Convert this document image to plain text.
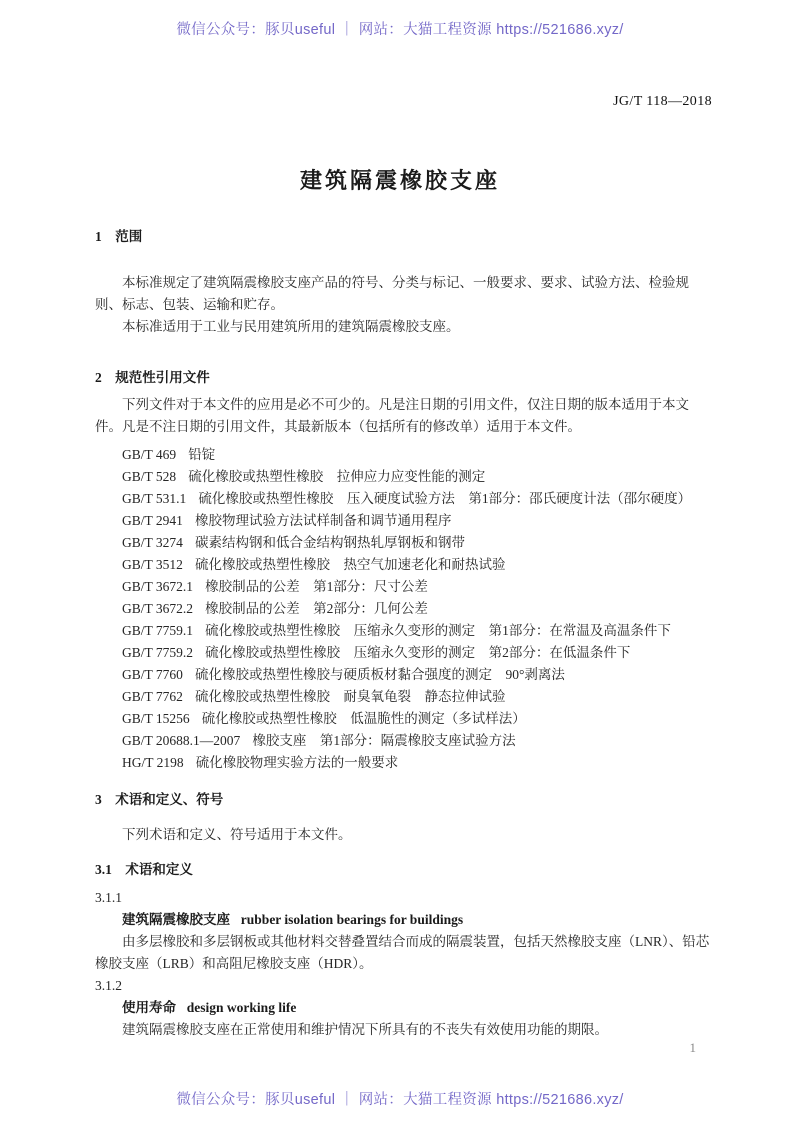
微信公众号：豚贝useful ｜ 网站：大猫工程资源 https://521686.xyz/
JG/T 118—2018
建筑隔震橡胶支座
1　范围

本标准规定了建筑隔震橡胶支座产品的符号、分类与标记、一般要求、要求、试验方法、检验规则、标志、包装、运输和贮存。

本标准适用于工业与民用建筑所用的建筑隔震橡胶支座。

2　规范性引用文件

下列文件对于本文件的应用是必不可少的。凡是注日期的引用文件，仅注日期的版本适用于本文件。凡是不注日期的引用文件，其最新版本（包括所有的修改单）适用于本文件。

GB/T 469 铅锭
GB/T 528 硫化橡胶或热塑性橡胶　拉伸应力应变性能的测定
GB/T 531.1 硫化橡胶或热塑性橡胶　压入硬度试验方法　第1部分：邵氏硬度计法（邵尔硬度）
GB/T 2941 橡胶物理试验方法试样制备和调节通用程序
GB/T 3274 碳素结构钢和低合金结构钢热轧厚钢板和钢带
GB/T 3512 硫化橡胶或热塑性橡胶　热空气加速老化和耐热试验
GB/T 3672.1 橡胶制品的公差　第1部分：尺寸公差
GB/T 3672.2 橡胶制品的公差　第2部分：几何公差
GB/T 7759.1 硫化橡胶或热塑性橡胶　压缩永久变形的测定　第1部分：在常温及高温条件下
GB/T 7759.2 硫化橡胶或热塑性橡胶　压缩永久变形的测定　第2部分：在低温条件下
GB/T 7760 硫化橡胶或热塑性橡胶与硬质板材黏合强度的测定　90°剥离法
GB/T 7762 硫化橡胶或热塑性橡胶　耐臭氧龟裂　静态拉伸试验
GB/T 15256 硫化橡胶或热塑性橡胶　低温脆性的测定（多试样法）
GB/T 20688.1—2007 橡胶支座　第1部分：隔震橡胶支座试验方法
HG/T 2198 硫化橡胶物理实验方法的一般要求
3　术语和定义、符号

下列术语和定义、符号适用于本文件。

3.1　术语和定义

3.1.1

建筑隔震橡胶支座 rubber isolation bearings for buildings

由多层橡胶和多层钢板或其他材料交替叠置结合而成的隔震装置，包括天然橡胶支座（LNR）、铅芯橡胶支座（LRB）和高阻尼橡胶支座（HDR）。

3.1.2

使用寿命 design working life

建筑隔震橡胶支座在正常使用和维护情况下所具有的不丧失有效使用功能的期限。

1
微信公众号：豚贝useful ｜ 网站：大猫工程资源 https://521686.xyz/
